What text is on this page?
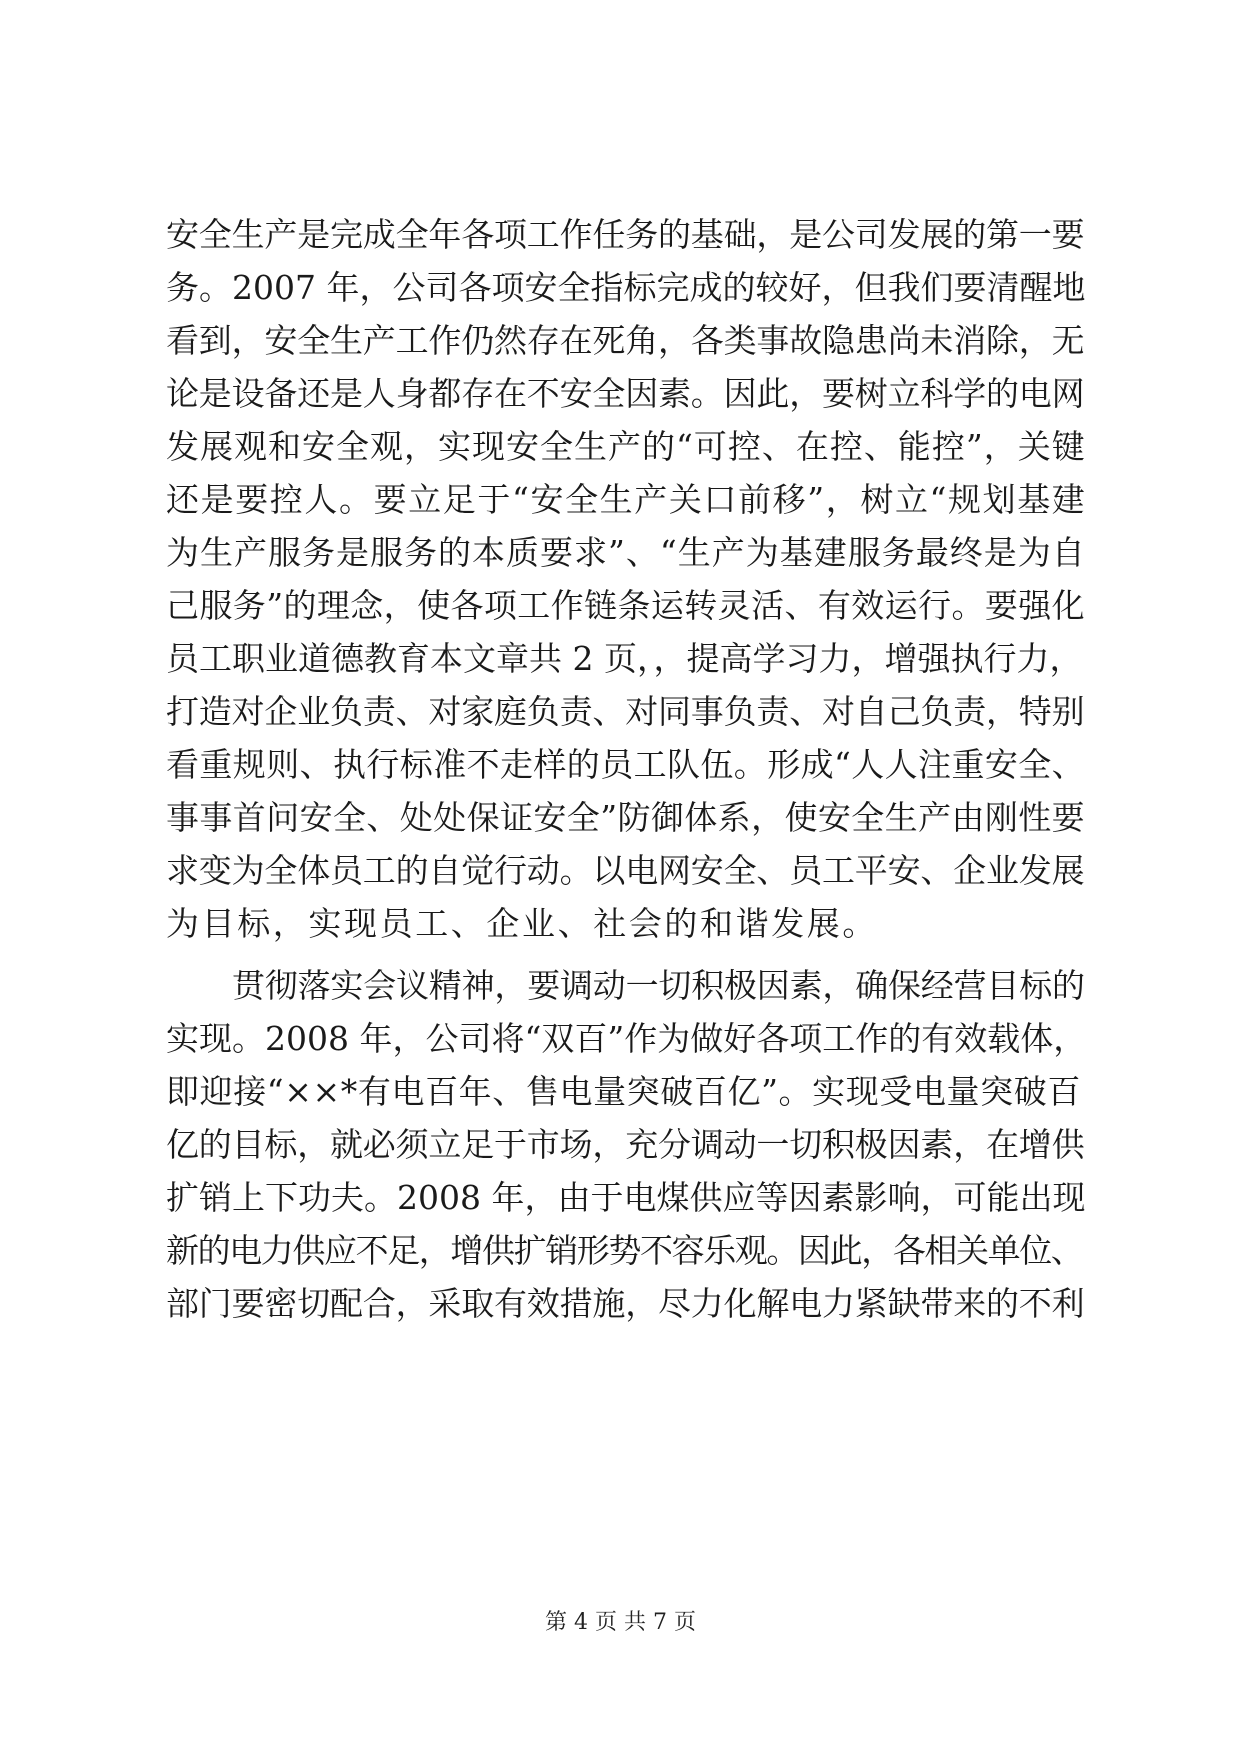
安全生产是完成全年各项工作任务的基础，是公司发展的第一要
务。2007 年，公司各项安全指标完成的较好，但我们要清醒地
看到，安全生产工作仍然存在死角，各类事故隐患尚未消除，无
论是设备还是人身都存在不安全因素。因此，要树立科学的电网
发展观和安全观，实现安全生产的“可控、在控、能控”，关键
还是要控人。要立足于“安全生产关口前移”，树立“规划基建
为生产服务是服务的本质要求”、“生产为基建服务最终是为自
己服务”的理念，使各项工作链条运转灵活、有效运行。要强化
员工职业道德教育本文章共 2 页，，提高学习力，增强执行力，
打造对企业负责、对家庭负责、对同事负责、对自己负责，特别
看重规则、执行标准不走样的员工队伍。形成“人人注重安全、
事事首问安全、处处保证安全”防御体系，使安全生产由刚性要
求变为全体员工的自觉行动。以电网安全、员工平安、企业发展
为目标，实现员工、企业、社会的和谐发展。
贯彻落实会议精神，要调动一切积极因素，确保经营目标的
实现。2008 年，公司将“双百”作为做好各项工作的有效载体，
即迎接“××*有电百年、售电量突破百亿”。实现受电量突破百
亿的目标，就必须立足于市场，充分调动一切积极因素，在增供
扩销上下功夫。2008 年，由于电煤供应等因素影响，可能出现
新的电力供应不足，增供扩销形势不容乐观。因此，各相关单位、
部门要密切配合，采取有效措施，尽力化解电力紧缺带来的不利
第 4 页 共 7 页
